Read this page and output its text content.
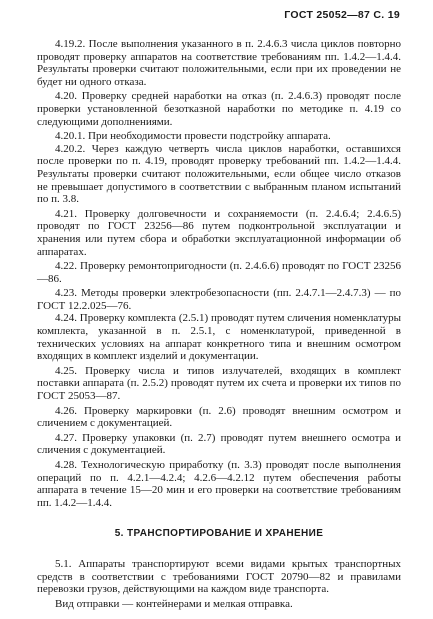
ГОСТ 25052—87 С. 19

4.19.2. После выполнения указанного в п. 2.4.6.3 числа циклов повторно проводят проверку аппаратов на соответствие требованиям пп. 1.4.2—1.4.4. Результаты проверки считают положительными, если при их проведении не будет ни одного отказа.

4.20. Проверку средней наработки на отказ (п. 2.4.6.3) проводят после проверки установленной безотказной наработки по методике п. 4.19 со следующими дополнениями.

4.20.1. При необходимости провести подстройку аппарата.

4.20.2. Через каждую четверть числа циклов наработки, оставшихся после проверки по п. 4.19, проводят проверку требований пп. 1.4.2—1.4.4. Результаты проверки считают положительными, если общее число отказов не превышает допустимого в соответствии с выбранным планом испытаний по п. 3.8.

4.21. Проверку долговечности и сохраняемости (п. 2.4.6.4; 2.4.6.5) проводят по ГОСТ 23256—86 путем подконтрольной эксплуатации и хранения или путем сбора и обработки эксплуатационной информации об аппаратах.

4.22. Проверку ремонтопригодности (п. 2.4.6.6) проводят по ГОСТ 23256—86.

4.23. Методы проверки электробезопасности (пп. 2.4.7.1—2.4.7.3) — по ГОСТ 12.2.025—76.

4.24. Проверку комплекта (2.5.1) проводят путем сличения номенклатуры комплекта, указанной в п. 2.5.1, с номенклатурой, приведенной в технических условиях на аппарат конкретного типа и внешним осмотром входящих в комплект изделий и документации.

4.25. Проверку числа и типов излучателей, входящих в комплект поставки аппарата (п. 2.5.2) проводят путем их счета и проверки их типов по ГОСТ 25053—87.

4.26. Проверку маркировки (п. 2.6) проводят внешним осмотром и сличением с документацией.

4.27. Проверку упаковки (п. 2.7) проводят путем внешнего осмотра и сличения с документацией.

4.28. Технологическую приработку (п. 3.3) проводят после выполнения операций по п. 4.2.1—4.2.4; 4.2.6—4.2.12 путем обеспечения работы аппарата в течение 15—20 мин и его проверки на соответствие требованиям пп. 1.4.2—1.4.4.

5. ТРАНСПОРТИРОВАНИЕ И ХРАНЕНИЕ

5.1. Аппараты транспортируют всеми видами крытых транспортных средств в соответствии с требованиями ГОСТ 20790—82 и правилами перевозки грузов, действующими на каждом виде транспорта.

Вид отправки — контейнерами и мелкая отправка.
